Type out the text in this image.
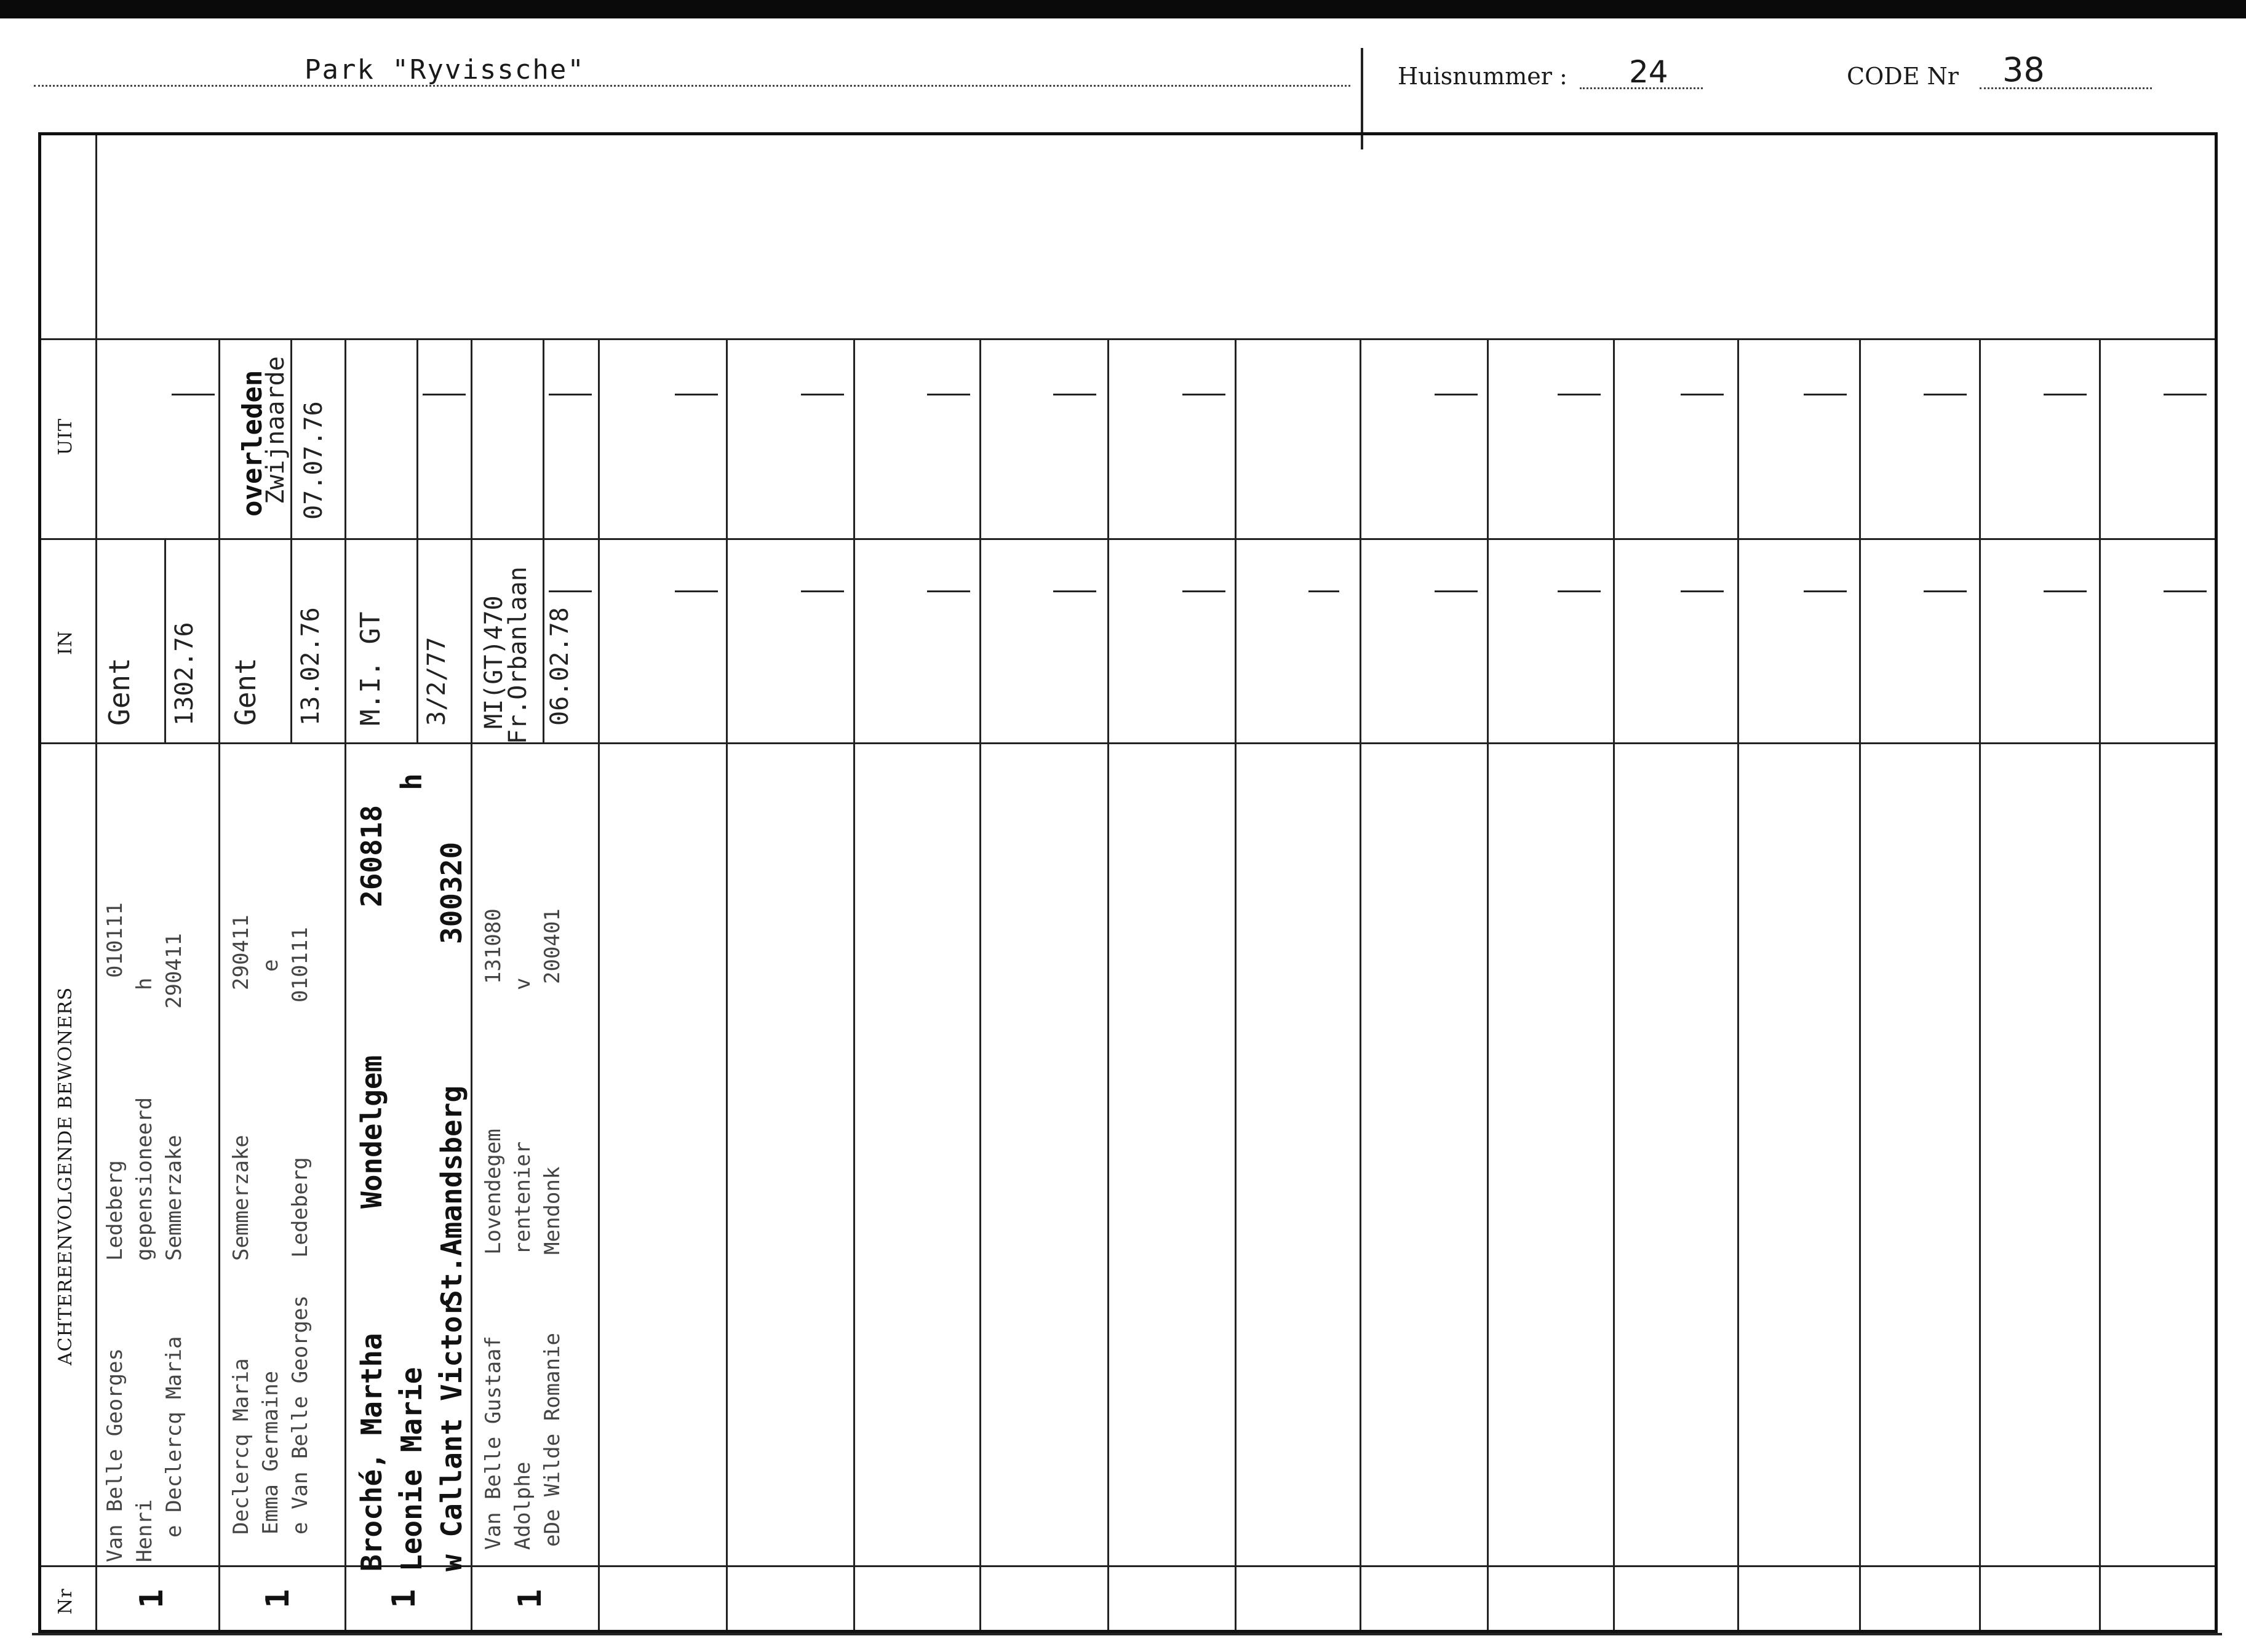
Park "Ryvissche"	Huisnummer : 24	CODE Nr 38
UIT
IN
ACHTEREENVOLGENDE BEWONERS
Nr 1
Gent 1302.76
Van Belle Georges
Ledeberg
010111
Henri
gepensioneerd
h
e Declercq Maria
Semmerzake
290411
1
overleden
Zwijnaarde 07.07.76
Gent 13.02.76
Declercq Maria
Semmerzake
290411
Emma Germaine
e
e Van Belle Georges
Ledeberg
010111
1
M.I. GT 3/2/77
Broché, Martha
Wondelgem
260818
Leonie Marie
h
w Callant Victor
St.Amandsberg
300320
1
MI(GT)470
Fr.Orbanlaan 06.02.78
Van Belle Gustaaf
Lovendegem
131080
Adolphe
rentenier
v
eDe Wilde Romanie
Mendonk
200401
